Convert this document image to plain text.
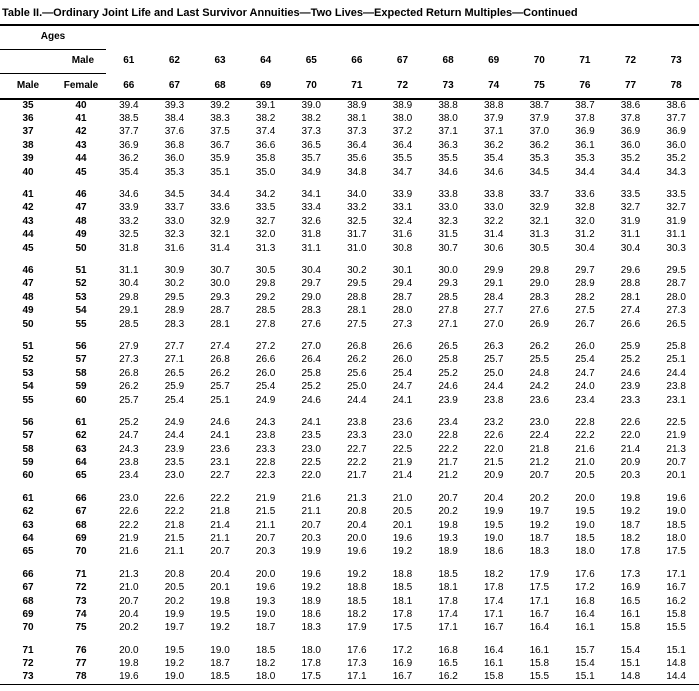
Table II.—Ordinary Joint Life and Last Survivor Annuities—Two Lives—Expected Return Multiples—Continued
Ages														
Male		61	62	63	64	65	66	67	68	69	70	71	72	73
Male	Female	66	67	68	69	70	71	72	73	74	75	76	77	78
35	40	39.4	39.3	39.2	39.1	39.0	38.9	38.9	38.8	38.8	38.7	38.7	38.6	38.6
36	41	38.5	38.4	38.3	38.2	38.2	38.1	38.0	38.0	37.9	37.9	37.8	37.8	37.7
37	42	37.7	37.6	37.5	37.4	37.3	37.3	37.2	37.1	37.1	37.0	36.9	36.9	36.9
38	43	36.9	36.8	36.7	36.6	36.5	36.4	36.4	36.3	36.2	36.2	36.1	36.0	36.0
39	44	36.2	36.0	35.9	35.8	35.7	35.6	35.5	35.5	35.4	35.3	35.3	35.2	35.2
40	45	35.4	35.3	35.1	35.0	34.9	34.8	34.7	34.6	34.6	34.5	34.4	34.4	34.3

41	46	34.6	34.5	34.4	34.2	34.1	34.0	33.9	33.8	33.8	33.7	33.6	33.5	33.5
42	47	33.9	33.7	33.6	33.5	33.4	33.2	33.1	33.0	33.0	32.9	32.8	32.7	32.7
43	48	33.2	33.0	32.9	32.7	32.6	32.5	32.4	32.3	32.2	32.1	32.0	31.9	31.9
44	49	32.5	32.3	32.1	32.0	31.8	31.7	31.6	31.5	31.4	31.3	31.2	31.1	31.1
45	50	31.8	31.6	31.4	31.3	31.1	31.0	30.8	30.7	30.6	30.5	30.4	30.4	30.3

46	51	31.1	30.9	30.7	30.5	30.4	30.2	30.1	30.0	29.9	29.8	29.7	29.6	29.5
47	52	30.4	30.2	30.0	29.8	29.7	29.5	29.4	29.3	29.1	29.0	28.9	28.8	28.7
48	53	29.8	29.5	29.3	29.2	29.0	28.8	28.7	28.5	28.4	28.3	28.2	28.1	28.0
49	54	29.1	28.9	28.7	28.5	28.3	28.1	28.0	27.8	27.7	27.6	27.5	27.4	27.3
50	55	28.5	28.3	28.1	27.8	27.6	27.5	27.3	27.1	27.0	26.9	26.7	26.6	26.5

51	56	27.9	27.7	27.4	27.2	27.0	26.8	26.6	26.5	26.3	26.2	26.0	25.9	25.8
52	57	27.3	27.1	26.8	26.6	26.4	26.2	26.0	25.8	25.7	25.5	25.4	25.2	25.1
53	58	26.8	26.5	26.2	26.0	25.8	25.6	25.4	25.2	25.0	24.8	24.7	24.6	24.4
54	59	26.2	25.9	25.7	25.4	25.2	25.0	24.7	24.6	24.4	24.2	24.0	23.9	23.8
55	60	25.7	25.4	25.1	24.9	24.6	24.4	24.1	23.9	23.8	23.6	23.4	23.3	23.1

56	61	25.2	24.9	24.6	24.3	24.1	23.8	23.6	23.4	23.2	23.0	22.8	22.6	22.5
57	62	24.7	24.4	24.1	23.8	23.5	23.3	23.0	22.8	22.6	22.4	22.2	22.0	21.9
58	63	24.3	23.9	23.6	23.3	23.0	22.7	22.5	22.2	22.0	21.8	21.6	21.4	21.3
59	64	23.8	23.5	23.1	22.8	22.5	22.2	21.9	21.7	21.5	21.2	21.0	20.9	20.7
60	65	23.4	23.0	22.7	22.3	22.0	21.7	21.4	21.2	20.9	20.7	20.5	20.3	20.1

61	66	23.0	22.6	22.2	21.9	21.6	21.3	21.0	20.7	20.4	20.2	20.0	19.8	19.6
62	67	22.6	22.2	21.8	21.5	21.1	20.8	20.5	20.2	19.9	19.7	19.5	19.2	19.0
63	68	22.2	21.8	21.4	21.1	20.7	20.4	20.1	19.8	19.5	19.2	19.0	18.7	18.5
64	69	21.9	21.5	21.1	20.7	20.3	20.0	19.6	19.3	19.0	18.7	18.5	18.2	18.0
65	70	21.6	21.1	20.7	20.3	19.9	19.6	19.2	18.9	18.6	18.3	18.0	17.8	17.5

66	71	21.3	20.8	20.4	20.0	19.6	19.2	18.8	18.5	18.2	17.9	17.6	17.3	17.1
67	72	21.0	20.5	20.1	19.6	19.2	18.8	18.5	18.1	17.8	17.5	17.2	16.9	16.7
68	73	20.7	20.2	19.8	19.3	18.9	18.5	18.1	17.8	17.4	17.1	16.8	16.5	16.2
69	74	20.4	19.9	19.5	19.0	18.6	18.2	17.8	17.4	17.1	16.7	16.4	16.1	15.8
70	75	20.2	19.7	19.2	18.7	18.3	17.9	17.5	17.1	16.7	16.4	16.1	15.8	15.5

71	76	20.0	19.5	19.0	18.5	18.0	17.6	17.2	16.8	16.4	16.1	15.7	15.4	15.1
72	77	19.8	19.2	18.7	18.2	17.8	17.3	16.9	16.5	16.1	15.8	15.4	15.1	14.8
73	78	19.6	19.0	18.5	18.0	17.5	17.1	16.7	16.2	15.8	15.5	15.1	14.8	14.4
